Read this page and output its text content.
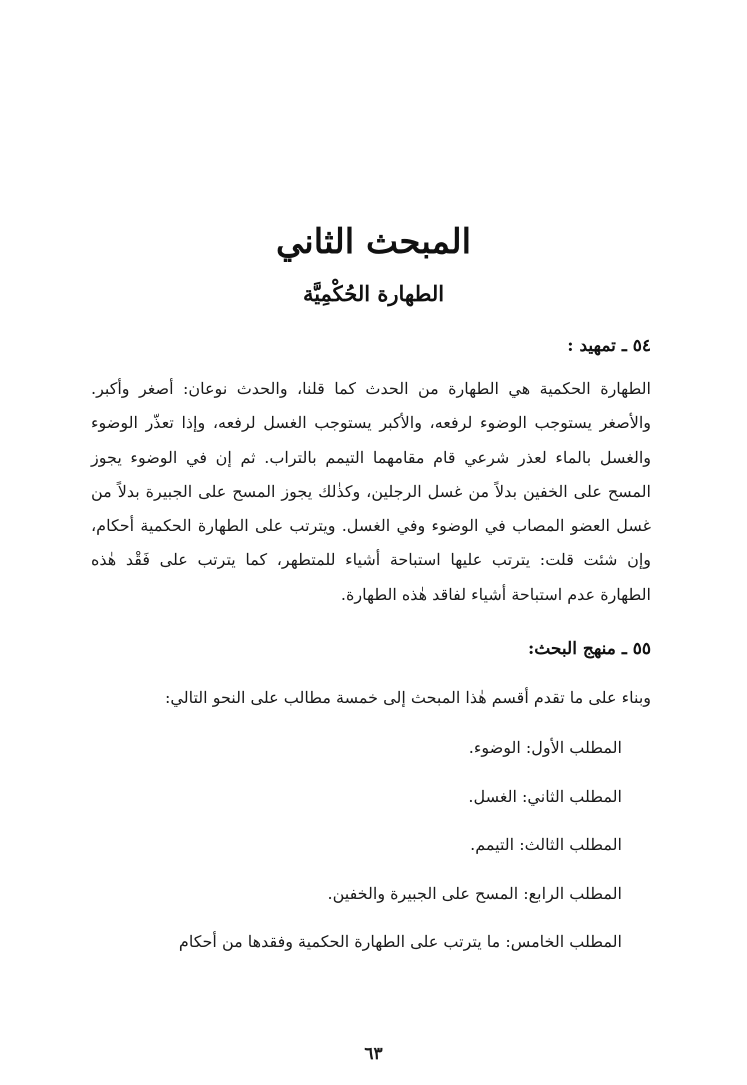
المبحث الثاني
الطهارة الحُكْمِيَّة
٥٤ ـ تمهيد :

الطهارة الحكمية هي الطهارة من الحدث كما قلنا، والحدث نوعان: أصغر وأكبر. والأصغر يستوجب الوضوء لرفعه، والأكبر يستوجب الغسل لرفعه، وإذا تعذّر الوضوء والغسل بالماء لعذر شرعي قام مقامهما التيمم بالتراب. ثم إن في الوضوء يجوز المسح على الخفين بدلاً من غسل الرجلين، وكذٰلك يجوز المسح على الجبيرة بدلاً من غسل العضو المصاب في الوضوء وفي الغسل. ويترتب على الطهارة الحكمية أحكام، وإن شئت قلت: يترتب عليها استباحة أشياء للمتطهر، كما يترتب على فَقْد هٰذه الطهارة عدم استباحة أشياء لفاقد هٰذه الطهارة.

٥٥ ـ منهج البحث:
وبناء على ما تقدم أقسم هٰذا المبحث إلى خمسة مطالب على النحو التالي:
المطلب الأول: الوضوء.
المطلب الثاني: الغسل.
المطلب الثالث: التيمم.
المطلب الرابع: المسح على الجبيرة والخفين.
المطلب الخامس: ما يترتب على الطهارة الحكمية وفقدها من أحكام
٦٣
